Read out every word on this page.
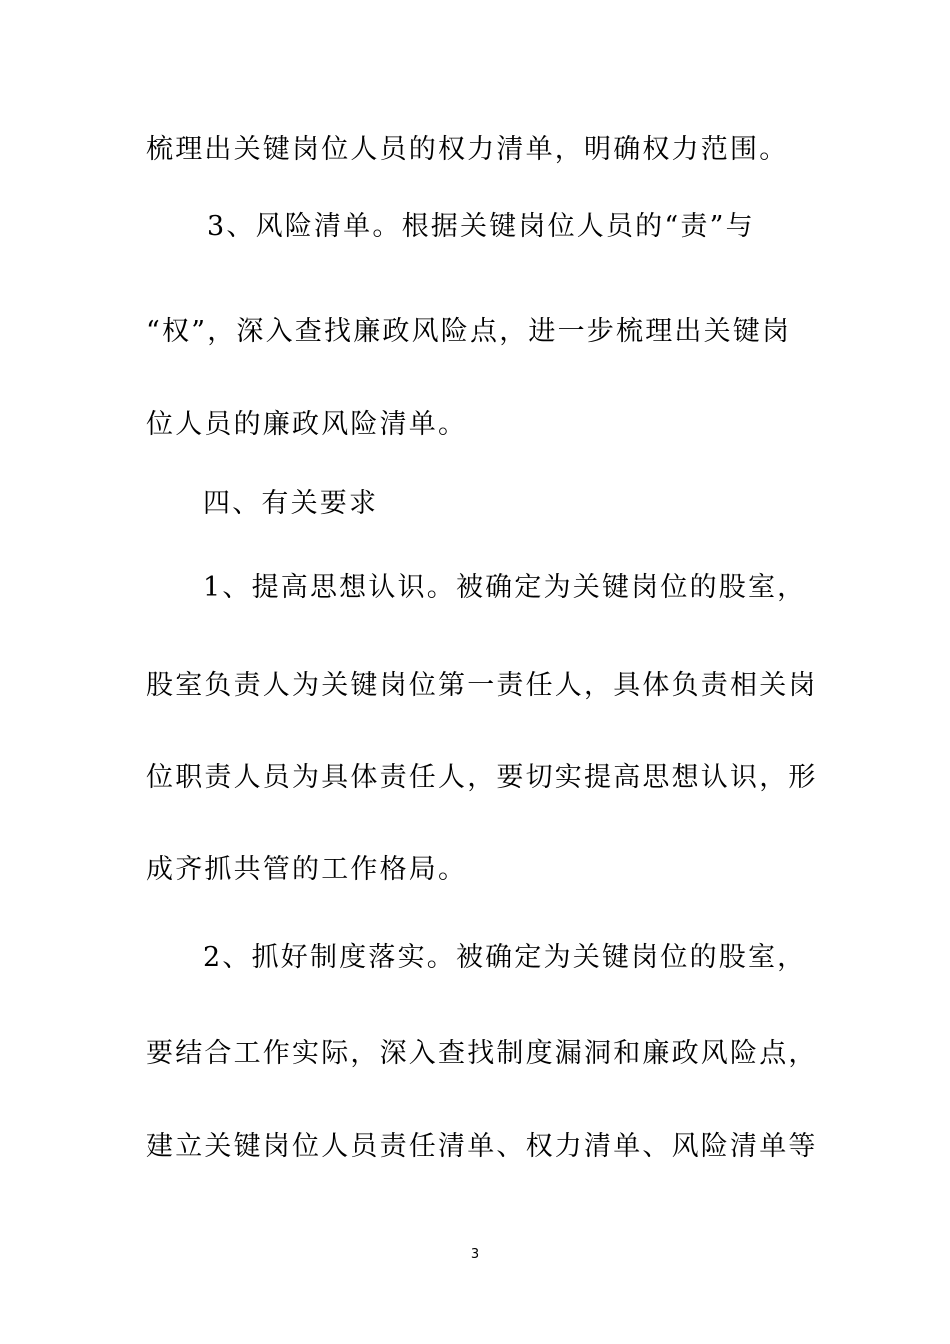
梳理出关键岗位人员的权力清单，明确权力范围。
3、风险清单。根据关键岗位人员的“责”与
“权”，深入查找廉政风险点，进一步梳理出关键岗
位人员的廉政风险清单。
四、有关要求
1、提高思想认识。被确定为关键岗位的股室，
股室负责人为关键岗位第一责任人，具体负责相关岗
位职责人员为具体责任人，要切实提高思想认识，形
成齐抓共管的工作格局。
2、抓好制度落实。被确定为关键岗位的股室，
要结合工作实际，深入查找制度漏洞和廉政风险点，
建立关键岗位人员责任清单、权力清单、风险清单等
3
